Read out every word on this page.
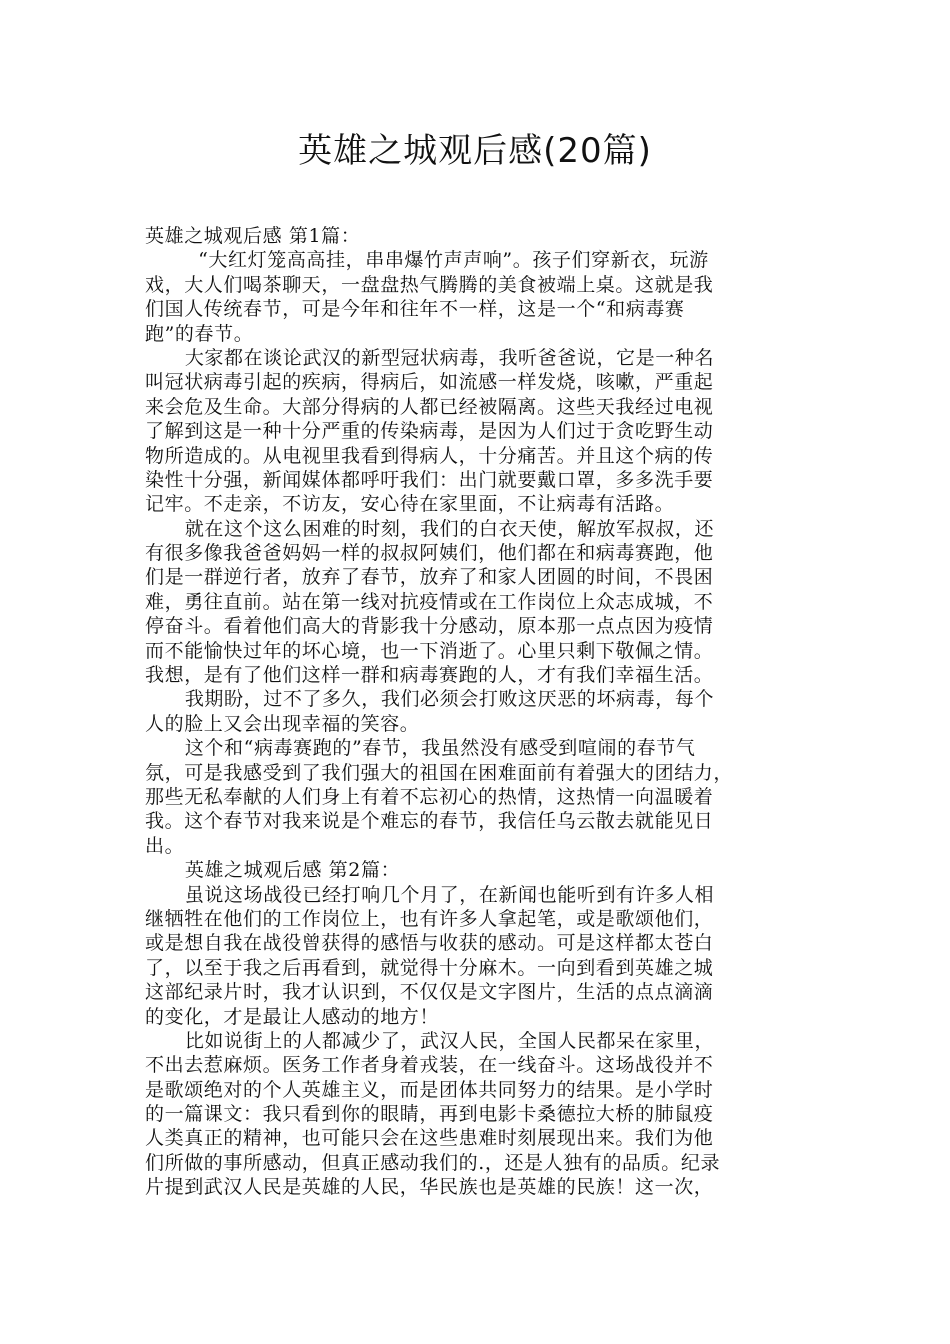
英雄之城观后感(20篇)
英雄之城观后感 第1篇：
“大红灯笼高高挂，串串爆竹声声响”。孩子们穿新衣，玩游
戏，大人们喝茶聊天，一盘盘热气腾腾的美食被端上桌。这就是我
们国人传统春节，可是今年和往年不一样，这是一个“和病毒赛
跑”的春节。
大家都在谈论武汉的新型冠状病毒，我听爸爸说，它是一种名
叫冠状病毒引起的疾病，得病后，如流感一样发烧，咳嗽，严重起
来会危及生命。大部分得病的人都已经被隔离。这些天我经过电视
了解到这是一种十分严重的传染病毒，是因为人们过于贪吃野生动
物所造成的。从电视里我看到得病人，十分痛苦。并且这个病的传
染性十分强，新闻媒体都呼吁我们：出门就要戴口罩，多多洗手要
记牢。不走亲，不访友，安心待在家里面，不让病毒有活路。
就在这个这么困难的时刻，我们的白衣天使，解放军叔叔，还
有很多像我爸爸妈妈一样的叔叔阿姨们，他们都在和病毒赛跑，他
们是一群逆行者，放弃了春节，放弃了和家人团圆的时间，不畏困
难，勇往直前。站在第一线对抗疫情或在工作岗位上众志成城，不
停奋斗。看着他们高大的背影我十分感动，原本那一点点因为疫情
而不能愉快过年的坏心境，也一下消逝了。心里只剩下敬佩之情。
我想，是有了他们这样一群和病毒赛跑的人，才有我们幸福生活。
我期盼，过不了多久，我们必须会打败这厌恶的坏病毒，每个
人的脸上又会出现幸福的笑容。
这个和“病毒赛跑的”春节，我虽然没有感受到喧闹的春节气
氛，可是我感受到了我们强大的祖国在困难面前有着强大的团结力，
那些无私奉献的人们身上有着不忘初心的热情，这热情一向温暖着
我。这个春节对我来说是个难忘的春节，我信任乌云散去就能见日
出。
英雄之城观后感 第2篇：
虽说这场战役已经打响几个月了，在新闻也能听到有许多人相
继牺牲在他们的工作岗位上，也有许多人拿起笔，或是歌颂他们，
或是想自我在战役曾获得的感悟与收获的感动。可是这样都太苍白
了，以至于我之后再看到，就觉得十分麻木。一向到看到英雄之城
这部纪录片时，我才认识到，不仅仅是文字图片，生活的点点滴滴
的变化，才是最让人感动的地方！
比如说街上的人都减少了，武汉人民，全国人民都呆在家里，
不出去惹麻烦。医务工作者身着戎装，在一线奋斗。这场战役并不
是歌颂绝对的个人英雄主义，而是团体共同努力的结果。是小学时
的一篇课文：我只看到你的眼睛，再到电影卡桑德拉大桥的肺鼠疫
人类真正的精神，也可能只会在这些患难时刻展现出来。我们为他
们所做的事所感动，但真正感动我们的.，还是人独有的品质。纪录
片提到武汉人民是英雄的人民，华民族也是英雄的民族！这一次，
